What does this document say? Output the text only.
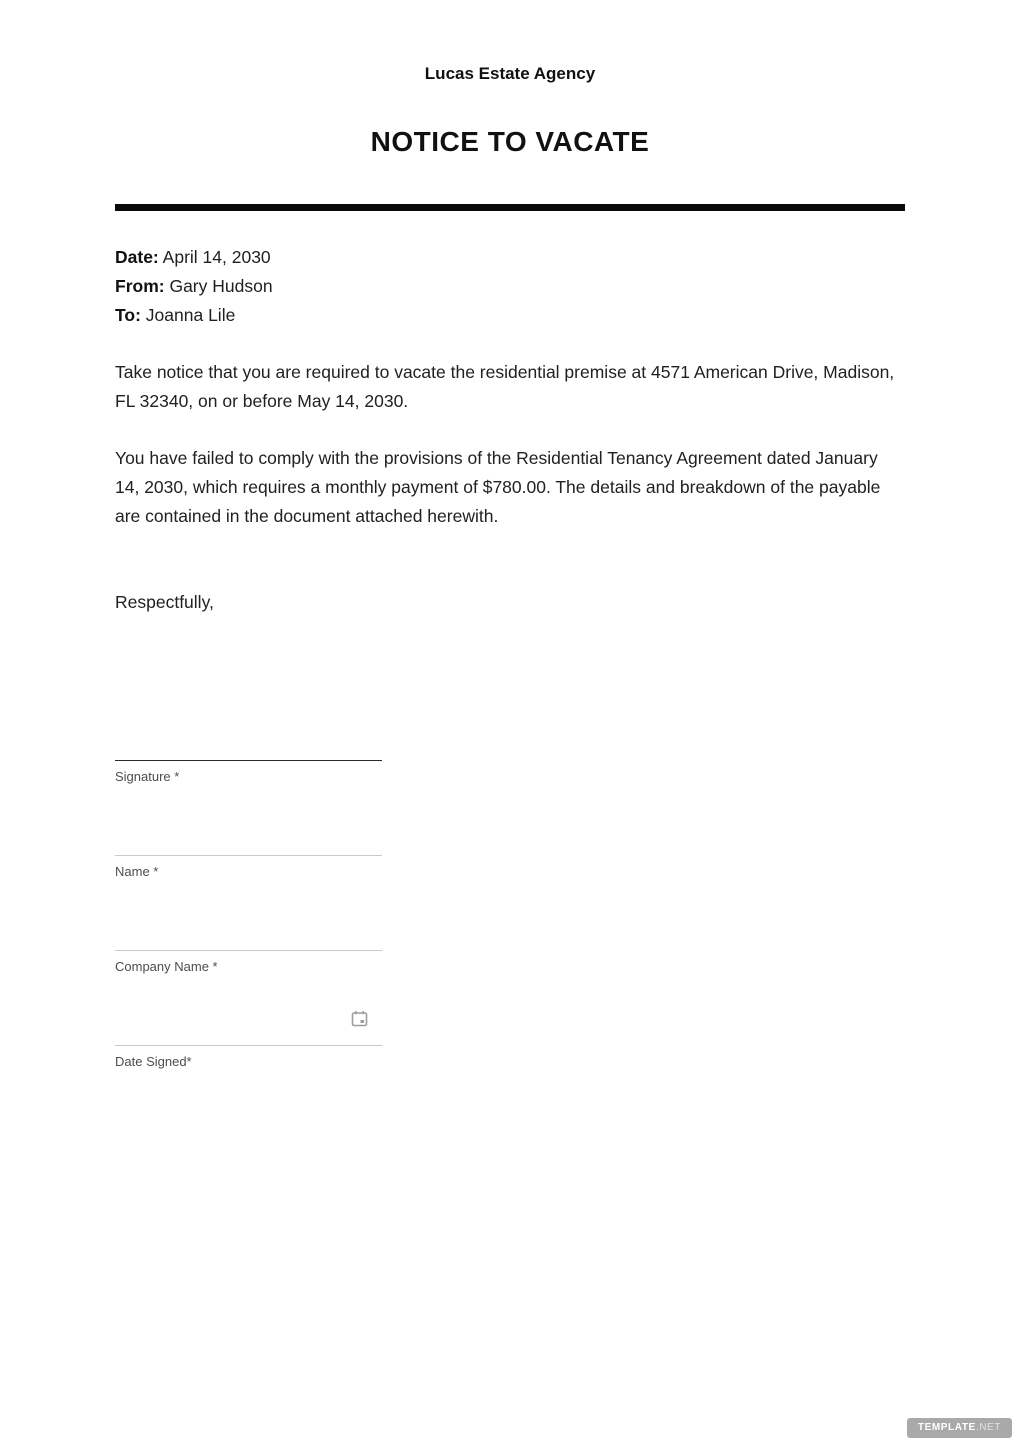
Lucas Estate Agency
NOTICE TO VACATE
Date: April 14, 2030
From: Gary Hudson
To: Joanna Lile

Take notice that you are required to vacate the residential premise at 4571 American Drive, Madison, FL 32340, on or before May 14, 2030.

You have failed to comply with the provisions of the Residential Tenancy Agreement dated January 14, 2030, which requires a monthly payment of $780.00. The details and breakdown of the payable are contained in the document attached herewith.

Respectfully,

Signature *
Name *
Company Name *
Date Signed*
TEMPLATE.NET
